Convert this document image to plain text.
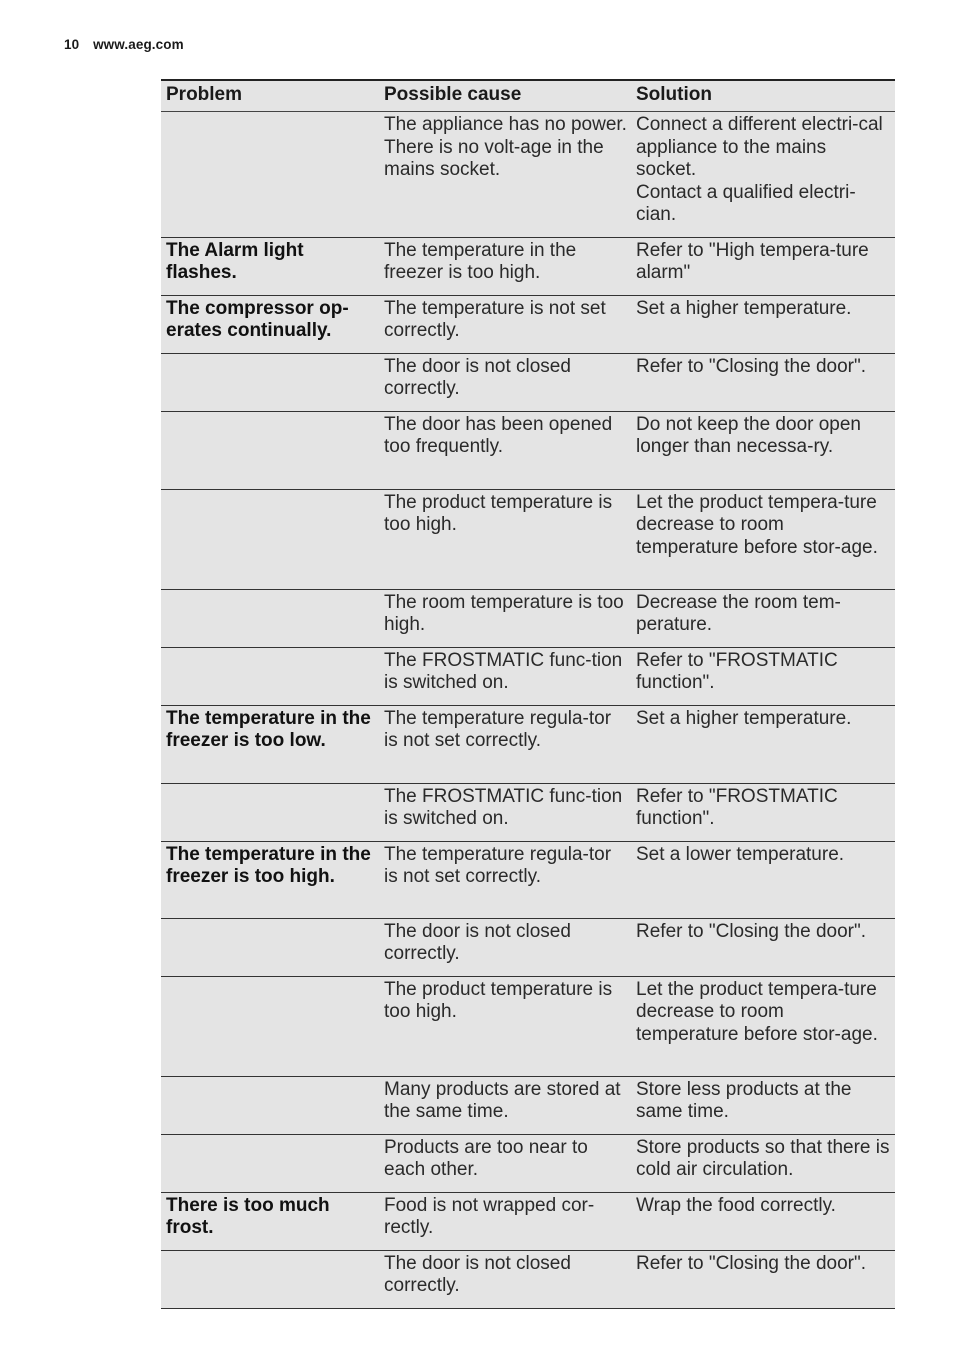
10 www.aeg.com
Problem	Possible cause	Solution
	The appliance has no power. There is no volt-age in the mains socket.	Connect a different electri-cal appliance to the mains socket.
Contact a qualified electri-cian.

The Alarm light flashes.	The temperature in the freezer is too high.	Refer to "High tempera-ture alarm"
The compressor op-erates continually.	The temperature is not set correctly.	Set a higher temperature.
	The door is not closed correctly.	Refer to "Closing the door".
	The door has been opened too frequently.	Do not keep the door open longer than necessa-ry.
	The product temperature is too high.	Let the product tempera-ture decrease to room temperature before stor-age.
	The room temperature is too high.	Decrease the room tem-perature.
	The FROSTMATIC func-tion is switched on.	Refer to "FROSTMATIC function".
The temperature in the freezer is too low.	The temperature regula-tor is not set correctly.	Set a higher temperature.
	The FROSTMATIC func-tion is switched on.	Refer to "FROSTMATIC function".
The temperature in the freezer is too high.	The temperature regula-tor is not set correctly.	Set a lower temperature.
	The door is not closed correctly.	Refer to "Closing the door".
	The product temperature is too high.	Let the product tempera-ture decrease to room temperature before stor-age.
	Many products are stored at the same time.	Store less products at the same time.
	Products are too near to each other.	Store products so that there is cold air circulation.
There is too much frost.	Food is not wrapped cor-rectly.	Wrap the food correctly.
	The door is not closed correctly.	Refer to "Closing the door".
